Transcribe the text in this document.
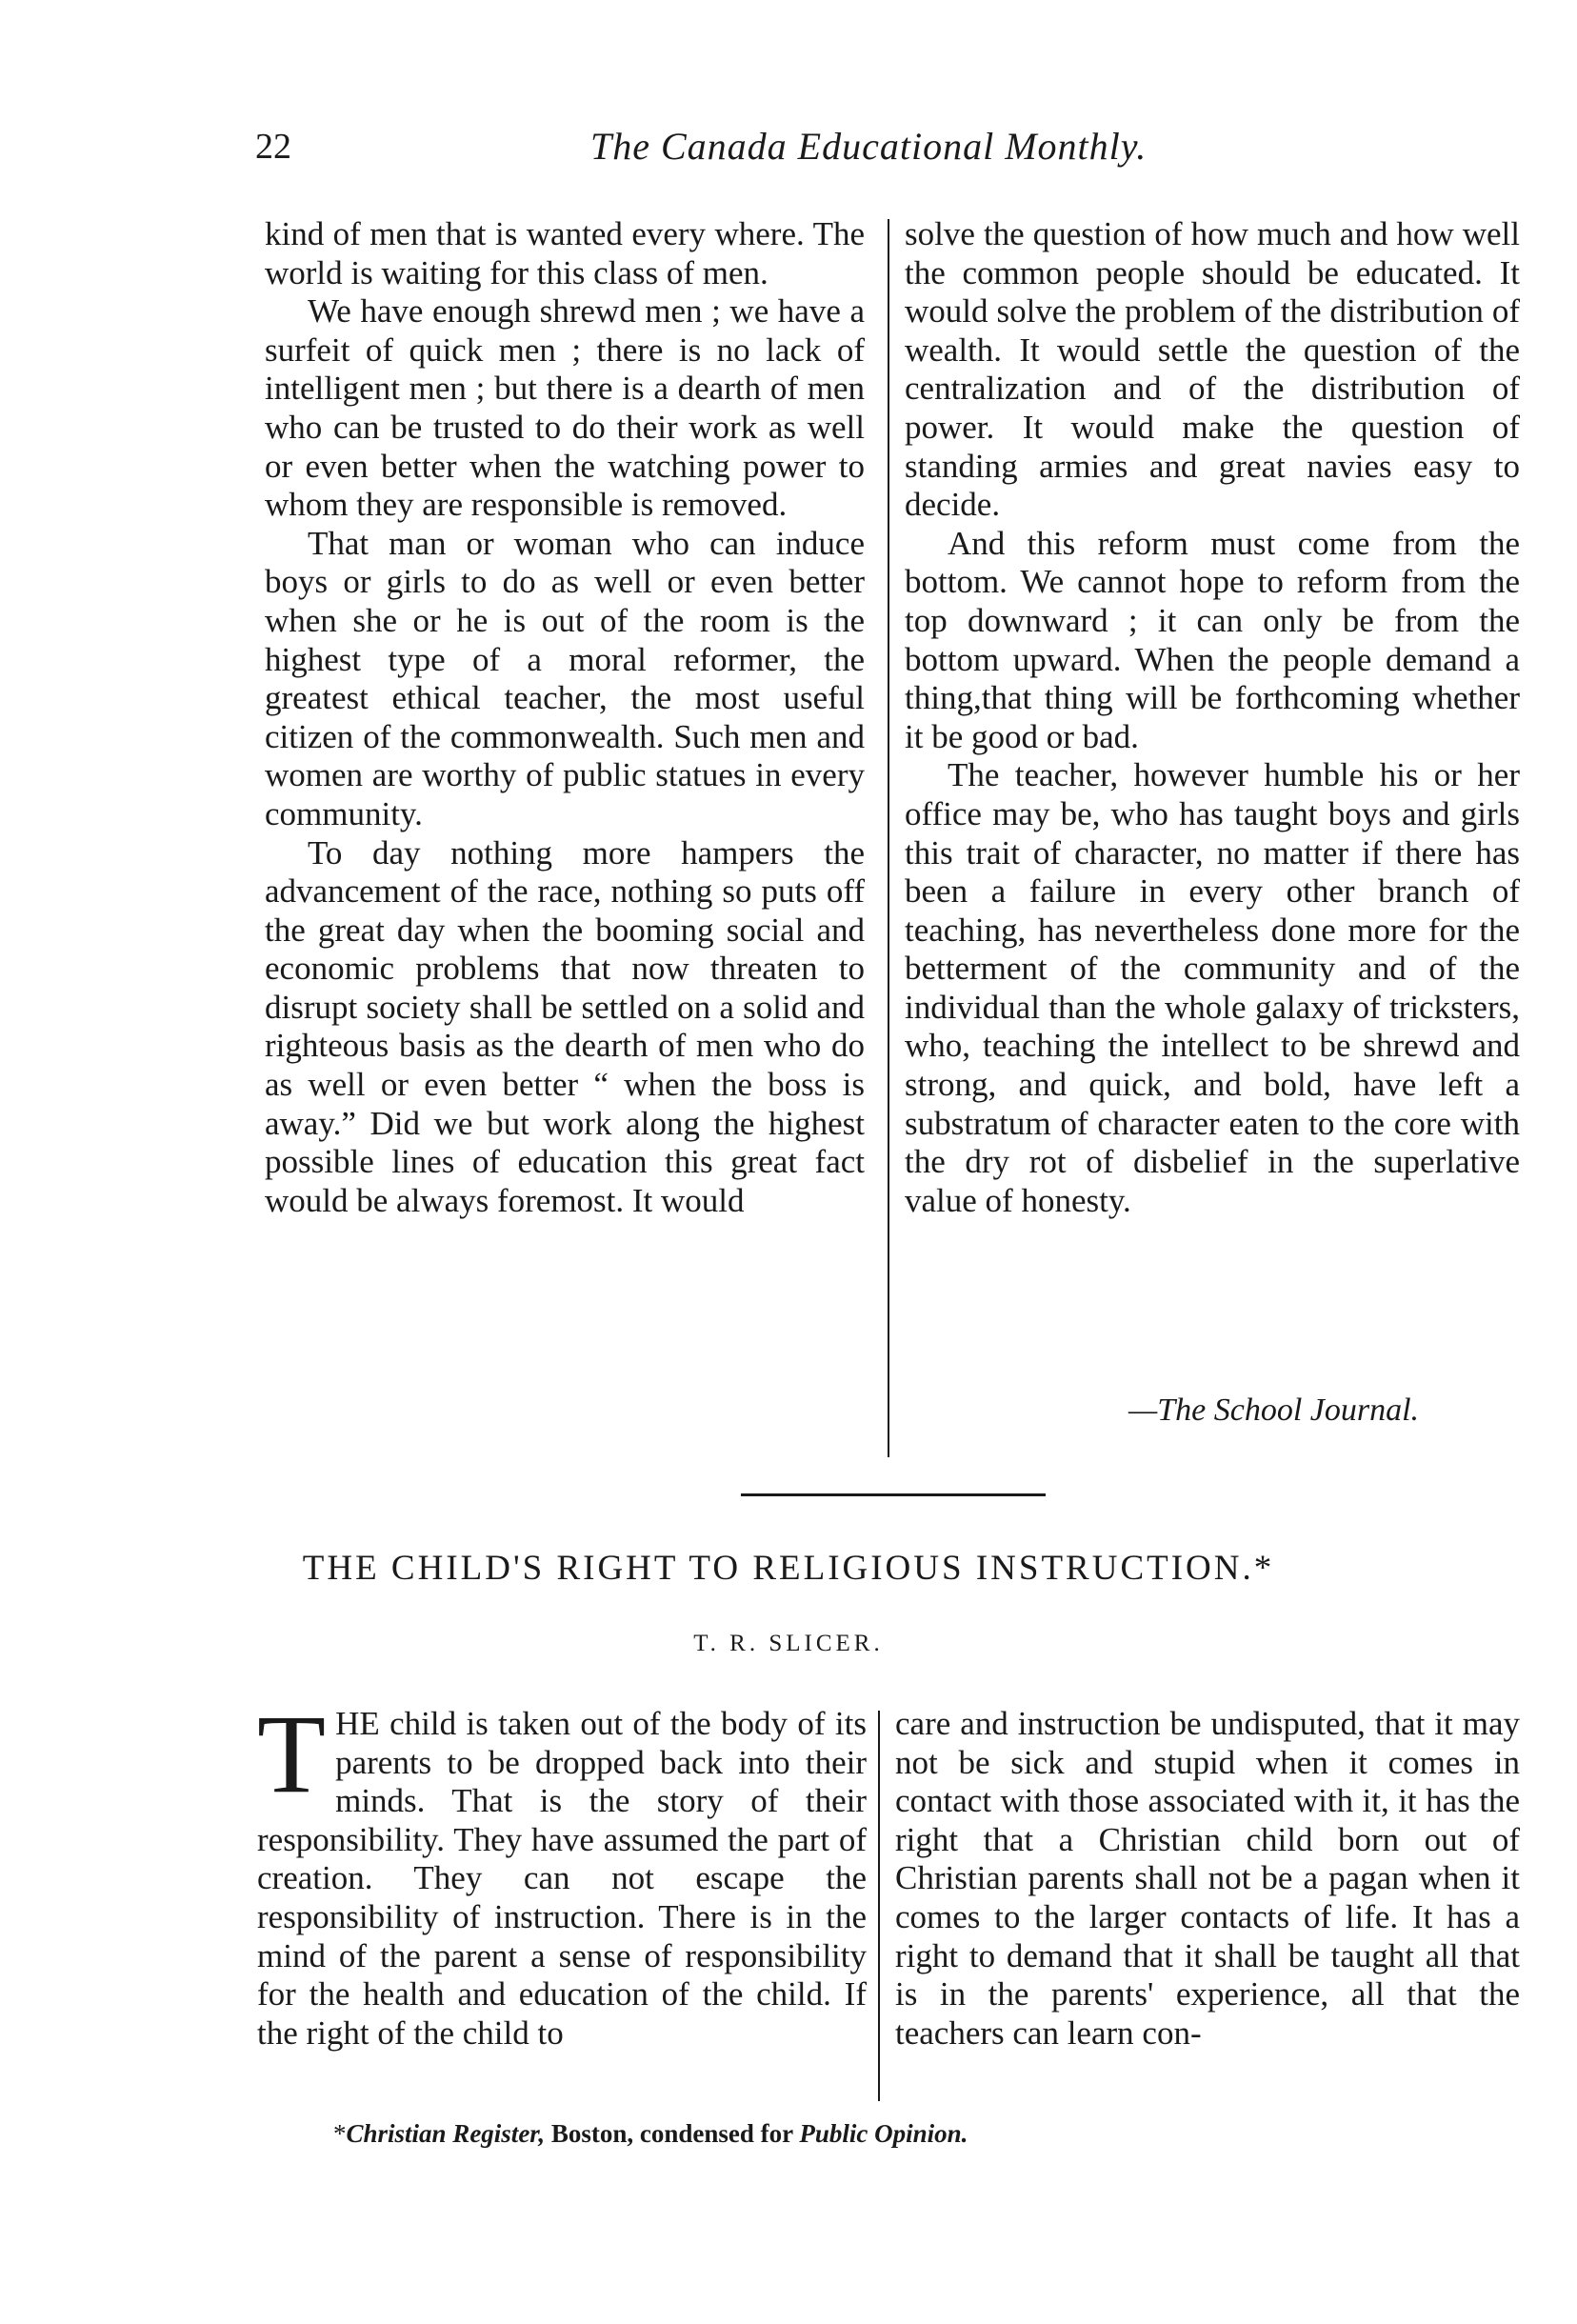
22	The Canada Educational Monthly.

kind of men that is wanted every where. The world is waiting for this class of men.

We have enough shrewd men ; we have a surfeit of quick men ; there is no lack of intelligent men ; but there is a dearth of men who can be trusted to do their work as well or even better when the watching power to whom they are responsible is removed.

That man or woman who can induce boys or girls to do as well or even better when she or he is out of the room is the highest type of a moral reformer, the greatest ethical teacher, the most useful citizen of the commonwealth. Such men and women are worthy of public statues in every community.

To day nothing more hampers the advancement of the race, nothing so puts off the great day when the booming social and economic problems that now threaten to disrupt society shall be settled on a solid and righteous basis as the dearth of men who do as well or even better “ when the boss is away.” Did we but work along the highest possible lines of education this great fact would be always foremost. It would

solve the question of how much and how well the common people should be educated. It would solve the problem of the distribution of wealth. It would settle the question of the centralization and of the distribution of power. It would make the question of standing armies and great navies easy to decide.

And this reform must come from the bottom. We cannot hope to reform from the top downward ; it can only be from the bottom upward. When the people demand a thing,that thing will be forthcoming whether it be good or bad.

The teacher, however humble his or her office may be, who has taught boys and girls this trait of character, no matter if there has been a failure in every other branch of teaching, has nevertheless done more for the betterment of the community and of the individual than the whole galaxy of tricksters, who, teaching the intellect to be shrewd and strong, and quick, and bold, have left a substratum of character eaten to the core with the dry rot of disbelief in the superlative value of honesty.

—The School Journal.
THE CHILD'S RIGHT TO RELIGIOUS INSTRUCTION.*
T. R. SLICER.

THE child is taken out of the body of its parents to be dropped back into their minds. That is the story of their responsibility. They have assumed the part of creation. They can not escape the responsibility of instruction. There is in the mind of the parent a sense of responsibility for the health and education of the child. If the right of the child to

care and instruction be undisputed, that it may not be sick and stupid when it comes in contact with those associated with it, it has the right that a Christian child born out of Christian parents shall not be a pagan when it comes to the larger contacts of life. It has a right to demand that it shall be taught all that is in the parents' experience, all that the teachers can learn con-

*Christian Register, Boston, condensed for Public Opinion.
